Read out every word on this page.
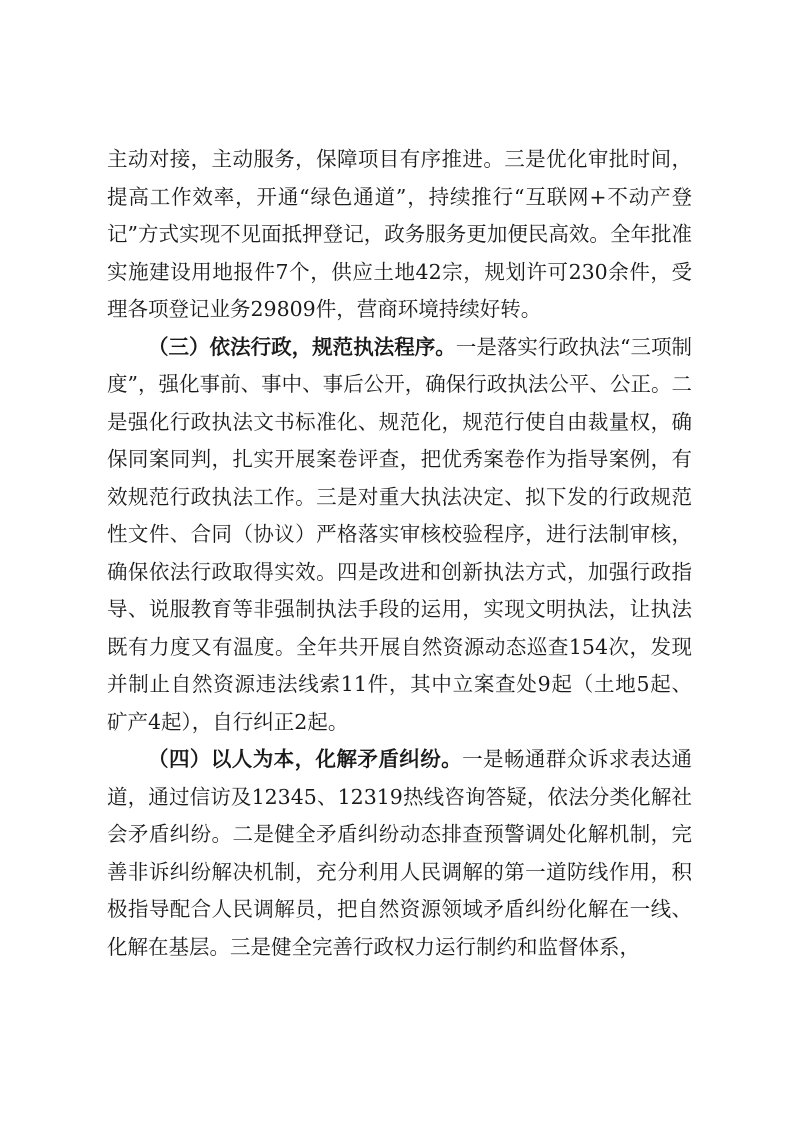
主动对接，主动服务，保障项目有序推进。三是优化审批时间，提高工作效率，开通“绿色通道”，持续推行“互联网+不动产登记”方式实现不见面抵押登记，政务服务更加便民高效。全年批准实施建设用地报件7个，供应土地42宗，规划许可230余件，受理各项登记业务29809件，营商环境持续好转。

（三）依法行政，规范执法程序。一是落实行政执法“三项制度”，强化事前、事中、事后公开，确保行政执法公平、公正。二是强化行政执法文书标准化、规范化，规范行使自由裁量权，确保同案同判，扎实开展案卷评查，把优秀案卷作为指导案例，有效规范行政执法工作。三是对重大执法决定、拟下发的行政规范性文件、合同（协议）严格落实审核校验程序，进行法制审核，确保依法行政取得实效。四是改进和创新执法方式，加强行政指导、说服教育等非强制执法手段的运用，实现文明执法，让执法既有力度又有温度。全年共开展自然资源动态巡查154次，发现并制止自然资源违法线索11件，其中立案查处9起（土地5起、矿产4起），自行纠正2起。

（四）以人为本，化解矛盾纠纷。一是畅通群众诉求表达通道，通过信访及12345、12319热线咨询答疑，依法分类化解社会矛盾纠纷。二是健全矛盾纠纷动态排查预警调处化解机制，完善非诉纠纷解决机制，充分利用人民调解的第一道防线作用，积极指导配合人民调解员，把自然资源领域矛盾纠纷化解在一线、化解在基层。三是健全完善行政权力运行制约和监督体系，
